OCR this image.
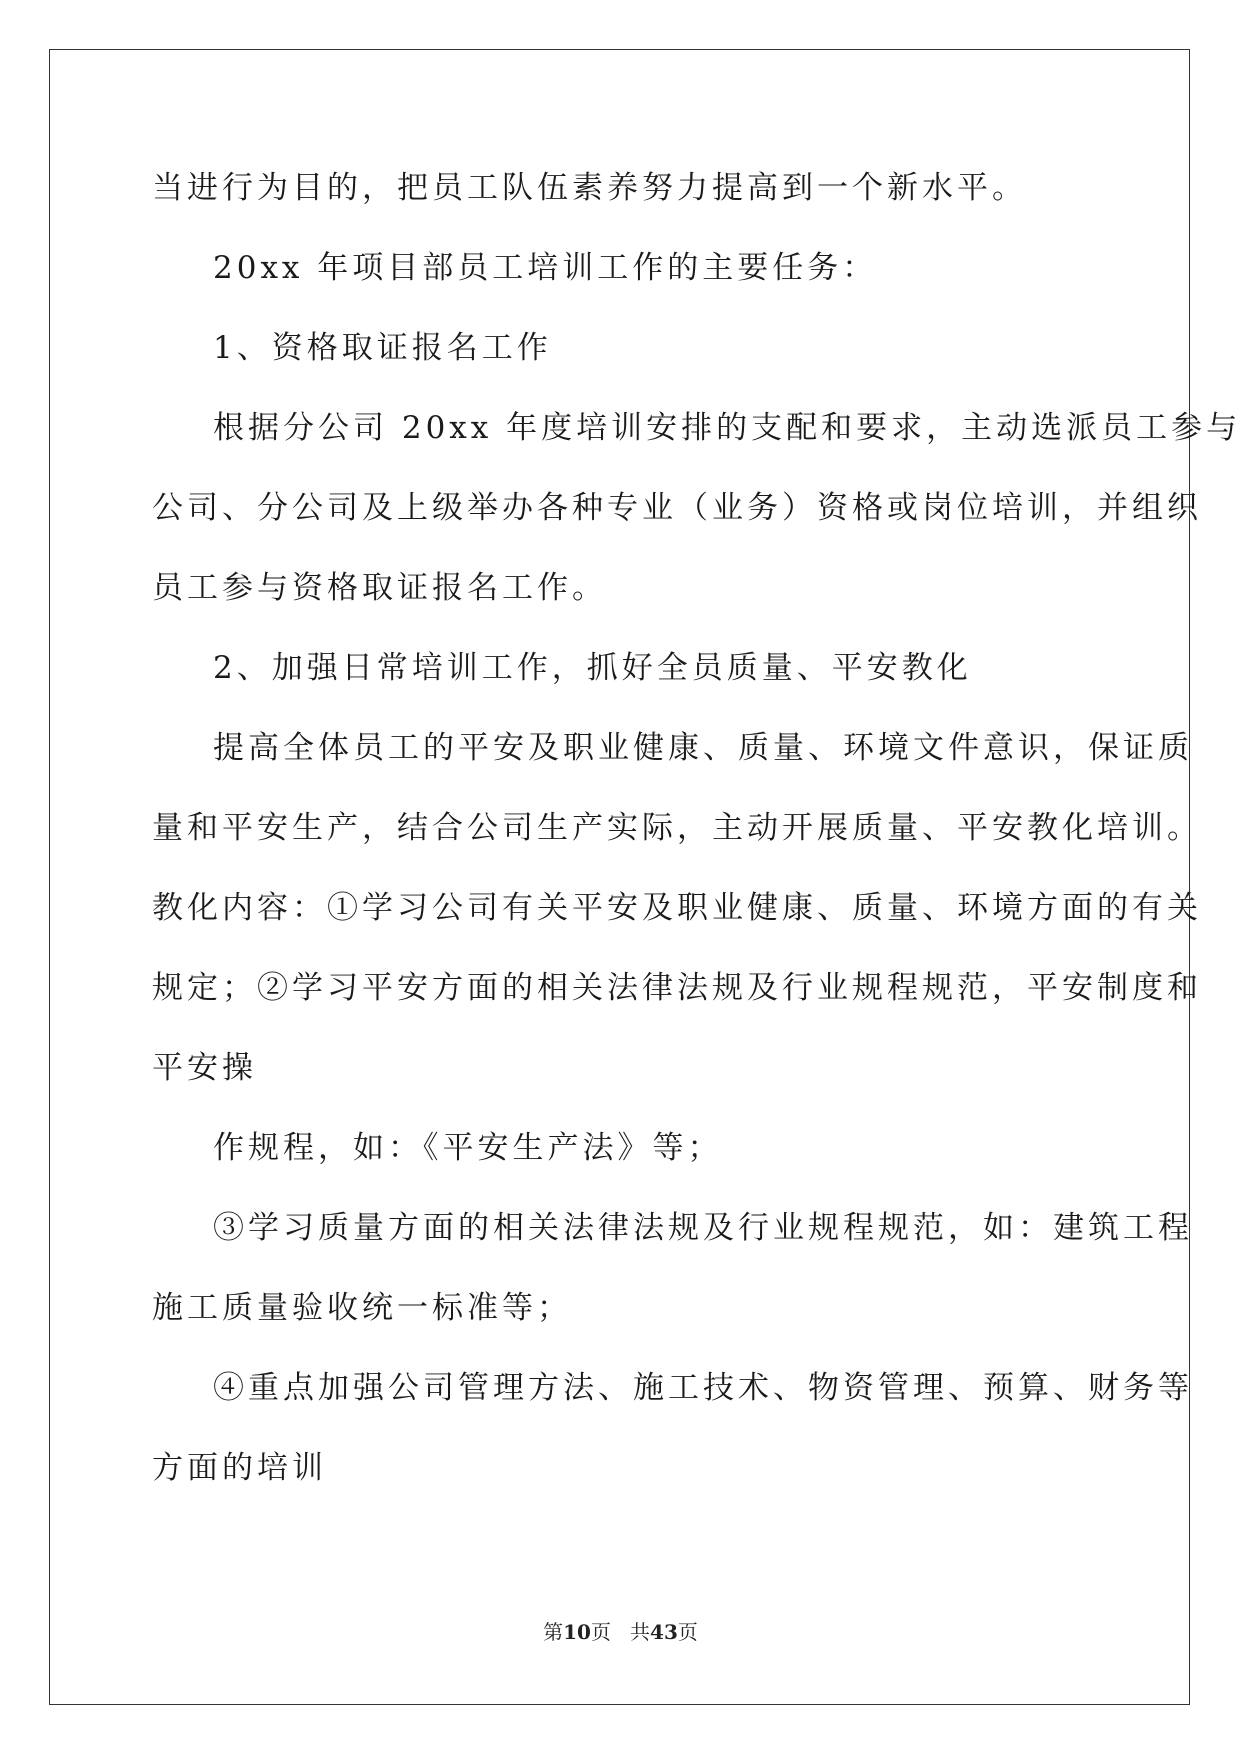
当进行为目的，把员工队伍素养努力提高到一个新水平。
20xx 年项目部员工培训工作的主要任务：
1、资格取证报名工作
根据分公司 20xx 年度培训安排的支配和要求，主动选派员工参与
公司、分公司及上级举办各种专业（业务）资格或岗位培训，并组织
员工参与资格取证报名工作。
2、加强日常培训工作，抓好全员质量、平安教化
提高全体员工的平安及职业健康、质量、环境文件意识，保证质
量和平安生产，结合公司生产实际，主动开展质量、平安教化培训。
教化内容：①学习公司有关平安及职业健康、质量、环境方面的有关
规定；②学习平安方面的相关法律法规及行业规程规范，平安制度和
平安操
作规程，如：《平安生产法》等；
③学习质量方面的相关法律法规及行业规程规范，如：建筑工程
施工质量验收统一标准等；
④重点加强公司管理方法、施工技术、物资管理、预算、财务等
方面的培训
第10页 共43页
